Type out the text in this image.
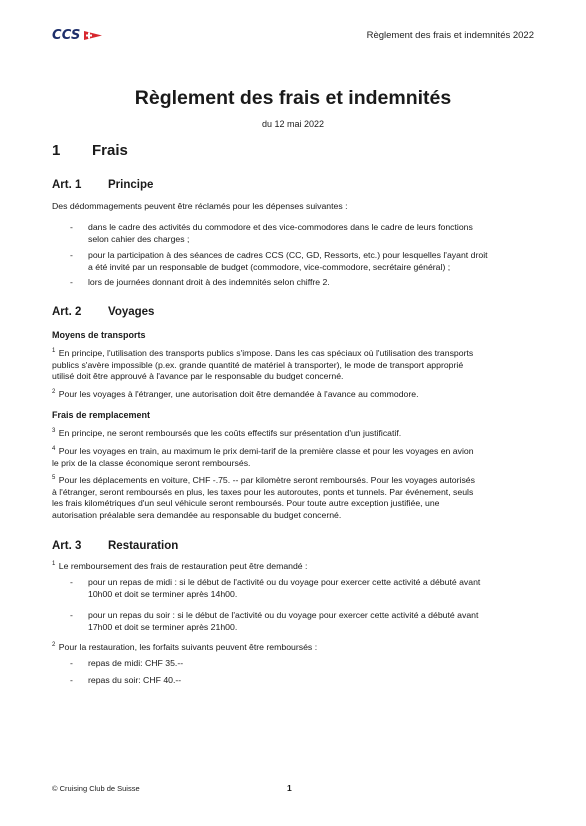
CCS	Règlement des frais et indemnités 2022
Règlement des frais et indemnités
du 12 mai 2022
1 Frais
Art. 1 Principe
Des dédommagements peuvent être réclamés pour les dépenses suivantes :
- dans le cadre des activités du commodore et des vice-commodores dans le cadre de leurs fonctions
selon cahier des charges ;
- pour la participation à des séances de cadres CCS (CC, GD, Ressorts, etc.) pour lesquelles l'ayant droit
a été invité par un responsable de budget (commodore, vice-commodore, secrétaire général) ;
- lors de journées donnant droit à des indemnités selon chiffre 2.
Art. 2 Voyages
Moyens de transports
$^1$ En principe, l'utilisation des transports publics s'impose. Dans les cas spéciaux où l'utilisation des transports
publics s'avère impossible (p.ex. grande quantité de matériel à transporter), le mode de transport approprié
utilisé doit être approuvé à l'avance par le responsable du budget concerné.
$^2$ Pour les voyages à l'étranger, une autorisation doit être demandée à l'avance au commodore.
Frais de remplacement
$^3$ En principe, ne seront remboursés que les coûts effectifs sur présentation d'un justificatif.
$^4$ Pour les voyages en train, au maximum le prix demi-tarif de la première classe et pour les voyages en avion
le prix de la classe économique seront remboursés.
$^5$ Pour les déplacements en voiture, CHF -.75. -- par kilomètre seront remboursés. Pour les voyages autorisés
à l'étranger, seront remboursés en plus, les taxes pour les autoroutes, ponts et tunnels. Par événement, seuls
les frais kilométriques d'un seul véhicule seront remboursés. Pour toute autre exception justifiée, une
autorisation préalable sera demandée au responsable du budget concerné.
Art. 3 Restauration
$^1$ Le remboursement des frais de restauration peut être demandé :
- pour un repas de midi : si le début de l'activité ou du voyage pour exercer cette activité a débuté avant
10h00 et doit se terminer après 14h00.
- pour un repas du soir : si le début de l'activité ou du voyage pour exercer cette activité a débuté avant
17h00 et doit se terminer après 21h00.
$^2$ Pour la restauration, les forfaits suivants peuvent être remboursés :
- repas de midi: CHF 35.--
- repas du soir: CHF 40.--
© Cruising Club de Suisse	1
